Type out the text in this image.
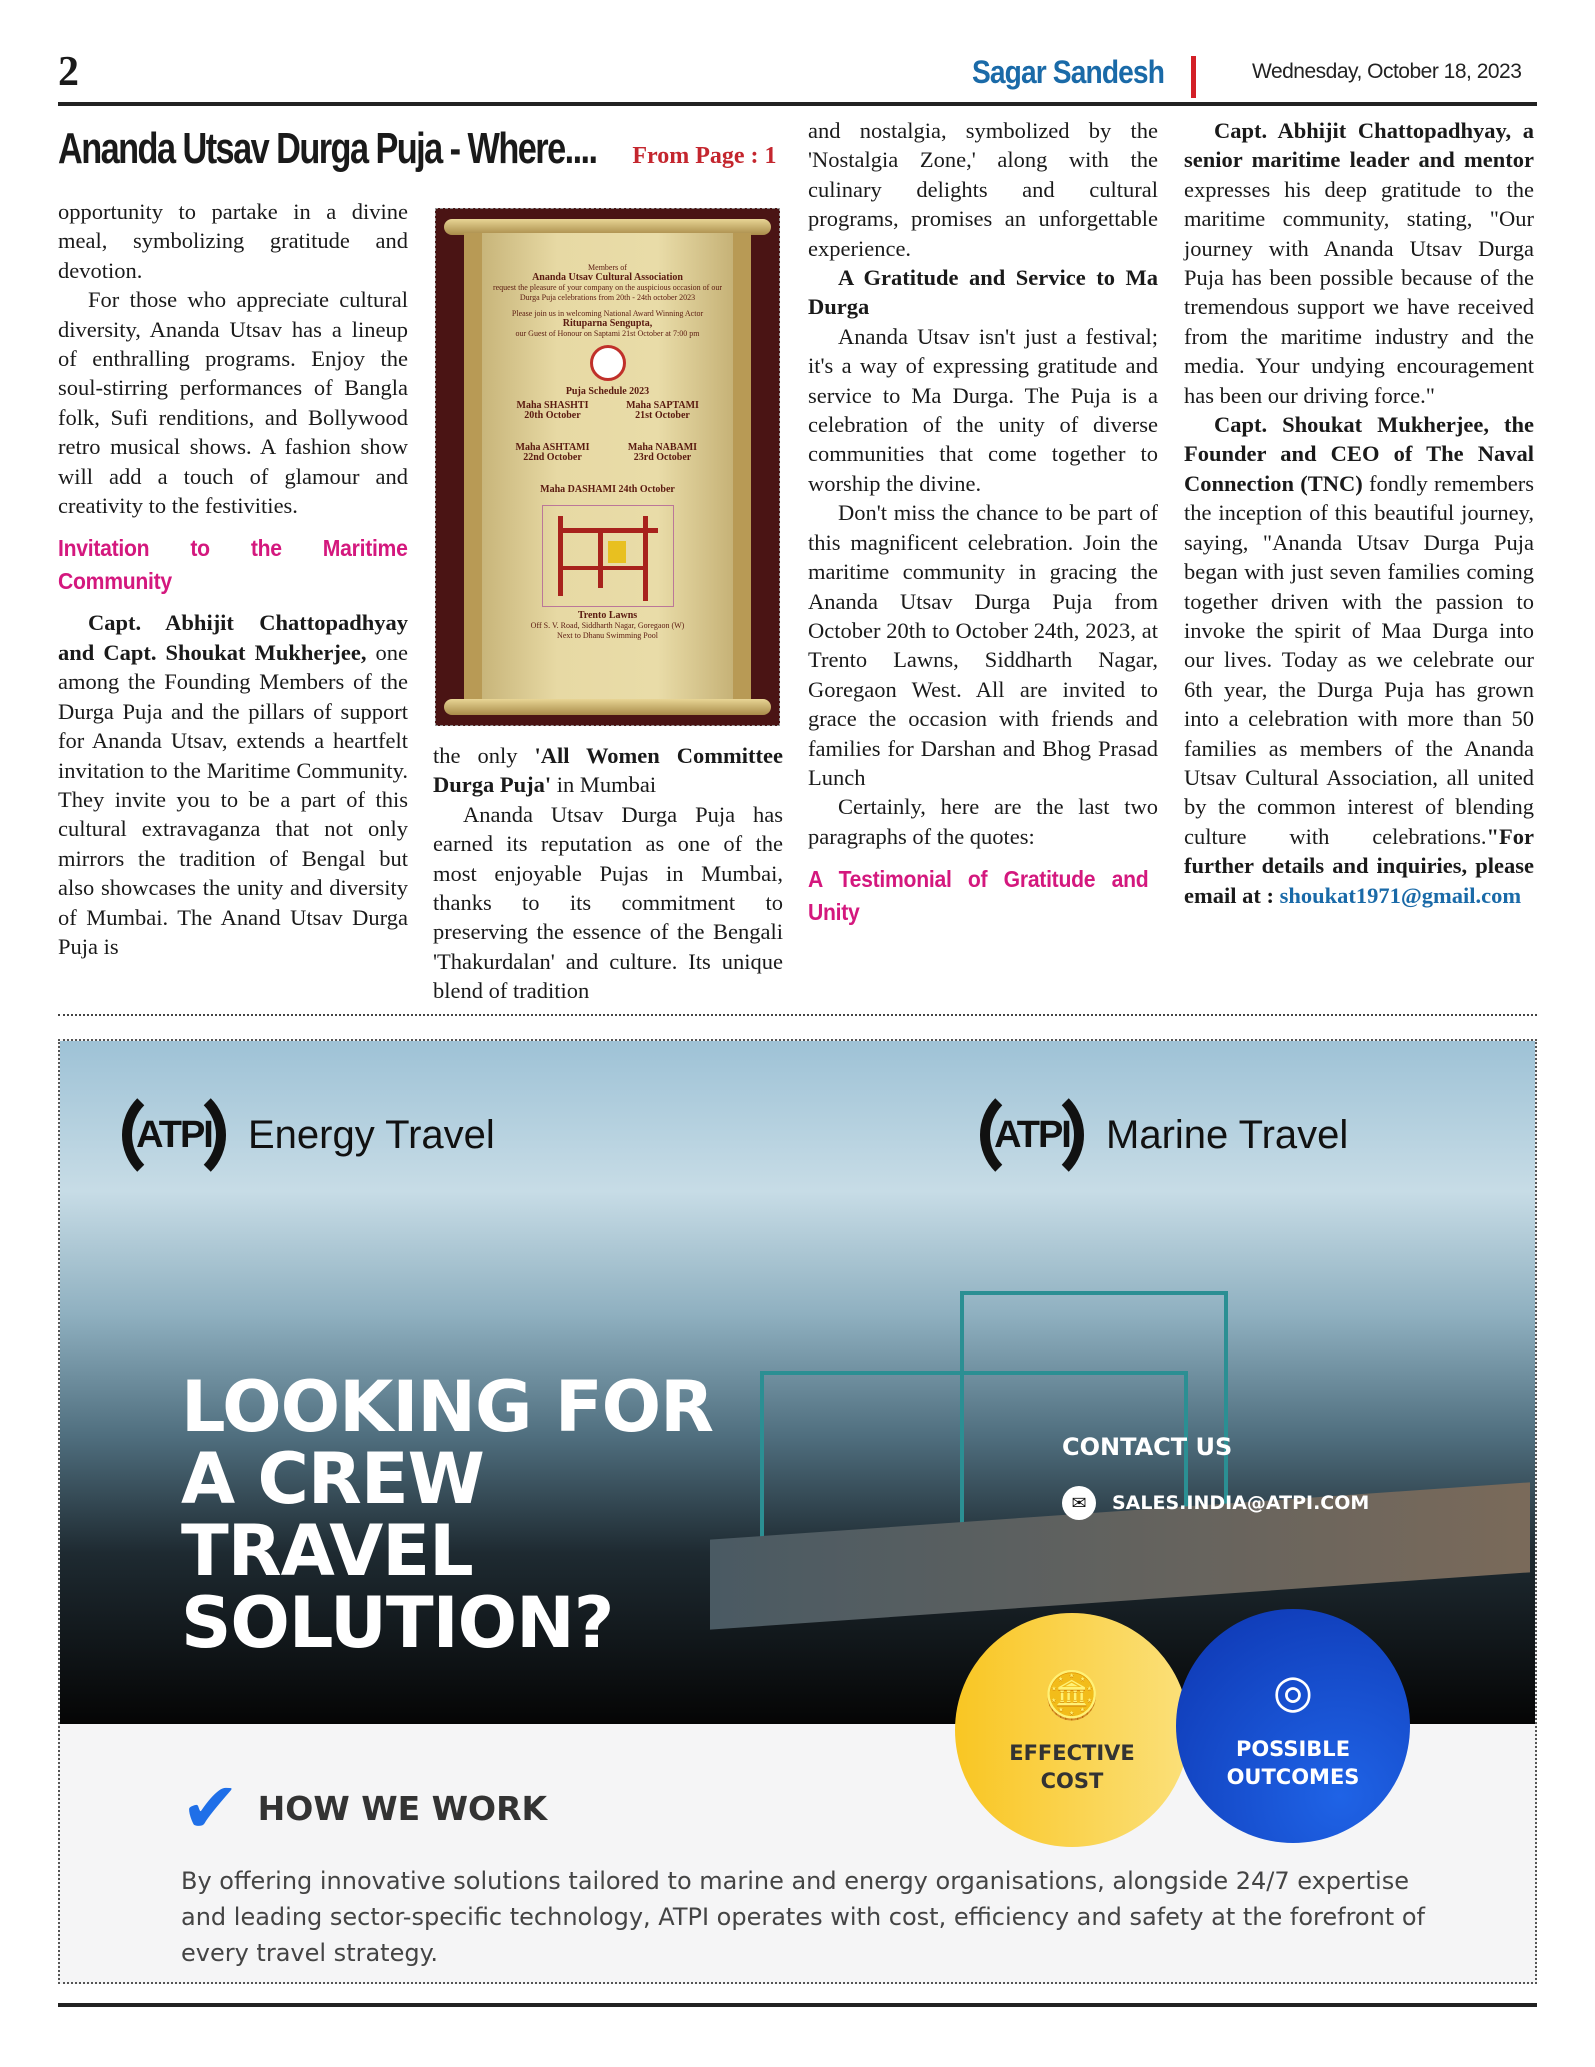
2	Sagar Sandesh	Wednesday, October 18, 2023
Ananda Utsav Durga Puja - Where.... From Page : 1

opportunity to partake in a divine meal, symbolizing gratitude and devotion.

For those who appreciate cultural diversity, Ananda Utsav has a lineup of enthralling programs. Enjoy the soul-stirring performances of Bangla folk, Sufi renditions, and Bollywood retro musical shows. A fashion show will add a touch of glamour and creativity to the festivities.

Invitation to the Maritime Community

Capt. Abhijit Chattopadhyay and Capt. Shoukat Mukherjee, one among the Founding Members of the Durga Puja and the pillars of support for Ananda Utsav, extends a heartfelt invitation to the Maritime Community. They invite you to be a part of this cultural extravaganza that not only mirrors the tradition of Bengal but also showcases the unity and diversity of Mumbai. The Anand Utsav Durga Puja is

Members of
Ananda Utsav Cultural Association
request the pleasure of your company on the auspicious occasion of our Durga Puja celebrations from 20th - 24th october 2023
Please join us in welcoming National Award Winning Actor
Rituparna Sengupta,
our Guest of Honour on Saptami 21st October at 7:00 pm
Puja Schedule 2023
Maha SHASHTI 20th October
Maha SAPTAMI 21st October
Maha ASHTAMI 22nd October
Maha NABAMI 23rd October
Maha DASHAMI 24th October
Trento Lawns
Off S. V. Road, Siddharth Nagar, Goregaon (W)
Next to Dhanu Swimming Pool

the only 'All Women Committee Durga Puja' in Mumbai

Ananda Utsav Durga Puja has earned its reputation as one of the most enjoyable Pujas in Mumbai, thanks to its commitment to preserving the essence of the Bengali 'Thakurdalan' and culture. Its unique blend of tradition

and nostalgia, symbolized by the 'Nostalgia Zone,' along with the culinary delights and cultural programs, promises an unforgettable experience.

A Gratitude and Service to Ma Durga

Ananda Utsav isn't just a festival; it's a way of expressing gratitude and service to Ma Durga. The Puja is a celebration of the unity of diverse communities that come together to worship the divine.

Don't miss the chance to be part of this magnificent celebration. Join the maritime community in gracing the Ananda Utsav Durga Puja from October 20th to October 24th, 2023, at Trento Lawns, Siddharth Nagar, Goregaon West. All are invited to grace the occasion with friends and families for Darshan and Bhog Prasad Lunch

Certainly, here are the last two paragraphs of the quotes:

A Testimonial of Gratitude and Unity

Capt. Abhijit Chattopadhyay, a senior maritime leader and mentor expresses his deep gratitude to the maritime community, stating, "Our journey with Ananda Utsav Durga Puja has been possible because of the tremendous support we have received from the maritime industry and the media. Your undying encouragement has been our driving force."

Capt. Shoukat Mukherjee, the Founder and CEO of The Naval Connection (TNC) fondly remembers the inception of this beautiful journey, saying, "Ananda Utsav Durga Puja began with just seven families coming together driven with the passion to invoke the spirit of Maa Durga into our lives. Today as we celebrate our 6th year, the Durga Puja has grown into a celebration with more than 50 families as members of the Ananda Utsav Cultural Association, all united by the common interest of blending culture with celebrations."For further details and inquiries, please email at : shoukat1971@gmail.com

ATPI Energy Travel	ATPI Marine Travel
LOOKING FOR
A CREW
TRAVEL
SOLUTION?
CONTACT US
✉	SALES.INDIA@ATPI.COM
🪙
EFFECTIVE
COST
◎
POSSIBLE
OUTCOMES
✔ HOW WE WORK
By offering innovative solutions tailored to marine and energy organisations, alongside 24/7 expertise and leading sector-specific technology, ATPI operates with cost, efficiency and safety at the forefront of every travel strategy.
